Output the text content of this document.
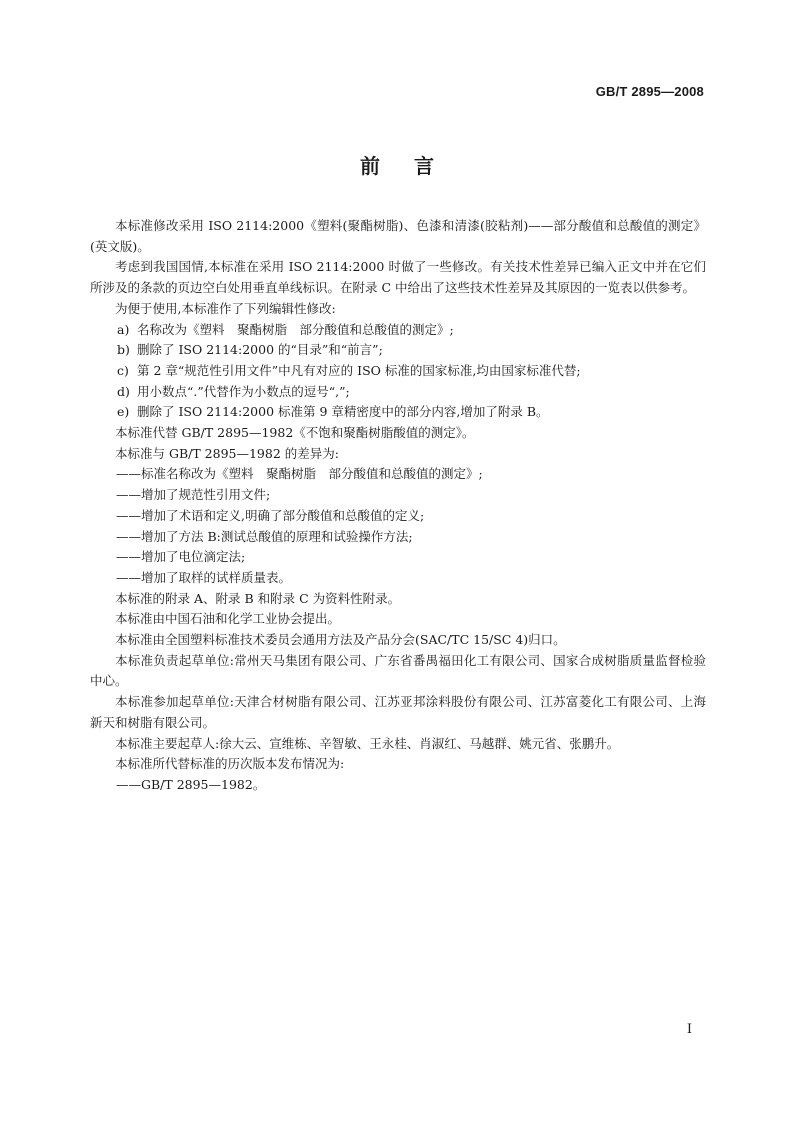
GB/T 2895—2008
前言

本标准修改采用 ISO 2114:2000《塑料(聚酯树脂)、色漆和清漆(胶粘剂)——部分酸值和总酸值的测定》(英文版)。

考虑到我国国情,本标准在采用 ISO 2114:2000 时做了一些修改。有关技术性差异已编入正文中并在它们所涉及的条款的页边空白处用垂直单线标识。在附录 C 中给出了这些技术性差异及其原因的一览表以供参考。

为便于使用,本标准作了下列编辑性修改:

a) 名称改为《塑料　聚酯树脂　部分酸值和总酸值的测定》;

b) 删除了 ISO 2114:2000 的“目录”和“前言”;

c) 第 2 章“规范性引用文件”中凡有对应的 ISO 标准的国家标准,均由国家标准代替;

d) 用小数点“.”代替作为小数点的逗号“,”;

e) 删除了 ISO 2114:2000 标准第 9 章精密度中的部分内容,增加了附录 B。

本标准代替 GB/T 2895—1982《不饱和聚酯树脂酸值的测定》。

本标准与 GB/T 2895—1982 的差异为:

——标准名称改为《塑料　聚酯树脂　部分酸值和总酸值的测定》;

——增加了规范性引用文件;

——增加了术语和定义,明确了部分酸值和总酸值的定义;

——增加了方法 B:测试总酸值的原理和试验操作方法;

——增加了电位滴定法;

——增加了取样的试样质量表。

本标准的附录 A、附录 B 和附录 C 为资料性附录。

本标准由中国石油和化学工业协会提出。

本标准由全国塑料标准技术委员会通用方法及产品分会(SAC/TC 15/SC 4)归口。

本标准负责起草单位:常州天马集团有限公司、广东省番禺福田化工有限公司、国家合成树脂质量监督检验中心。

本标准参加起草单位:天津合材树脂有限公司、江苏亚邦涂料股份有限公司、江苏富菱化工有限公司、上海新天和树脂有限公司。

本标准主要起草人:徐大云、宣维栋、辛智敏、王永桂、肖淑红、马越群、姚元省、张鹏升。

本标准所代替标准的历次版本发布情况为:

——GB/T 2895—1982。

I
